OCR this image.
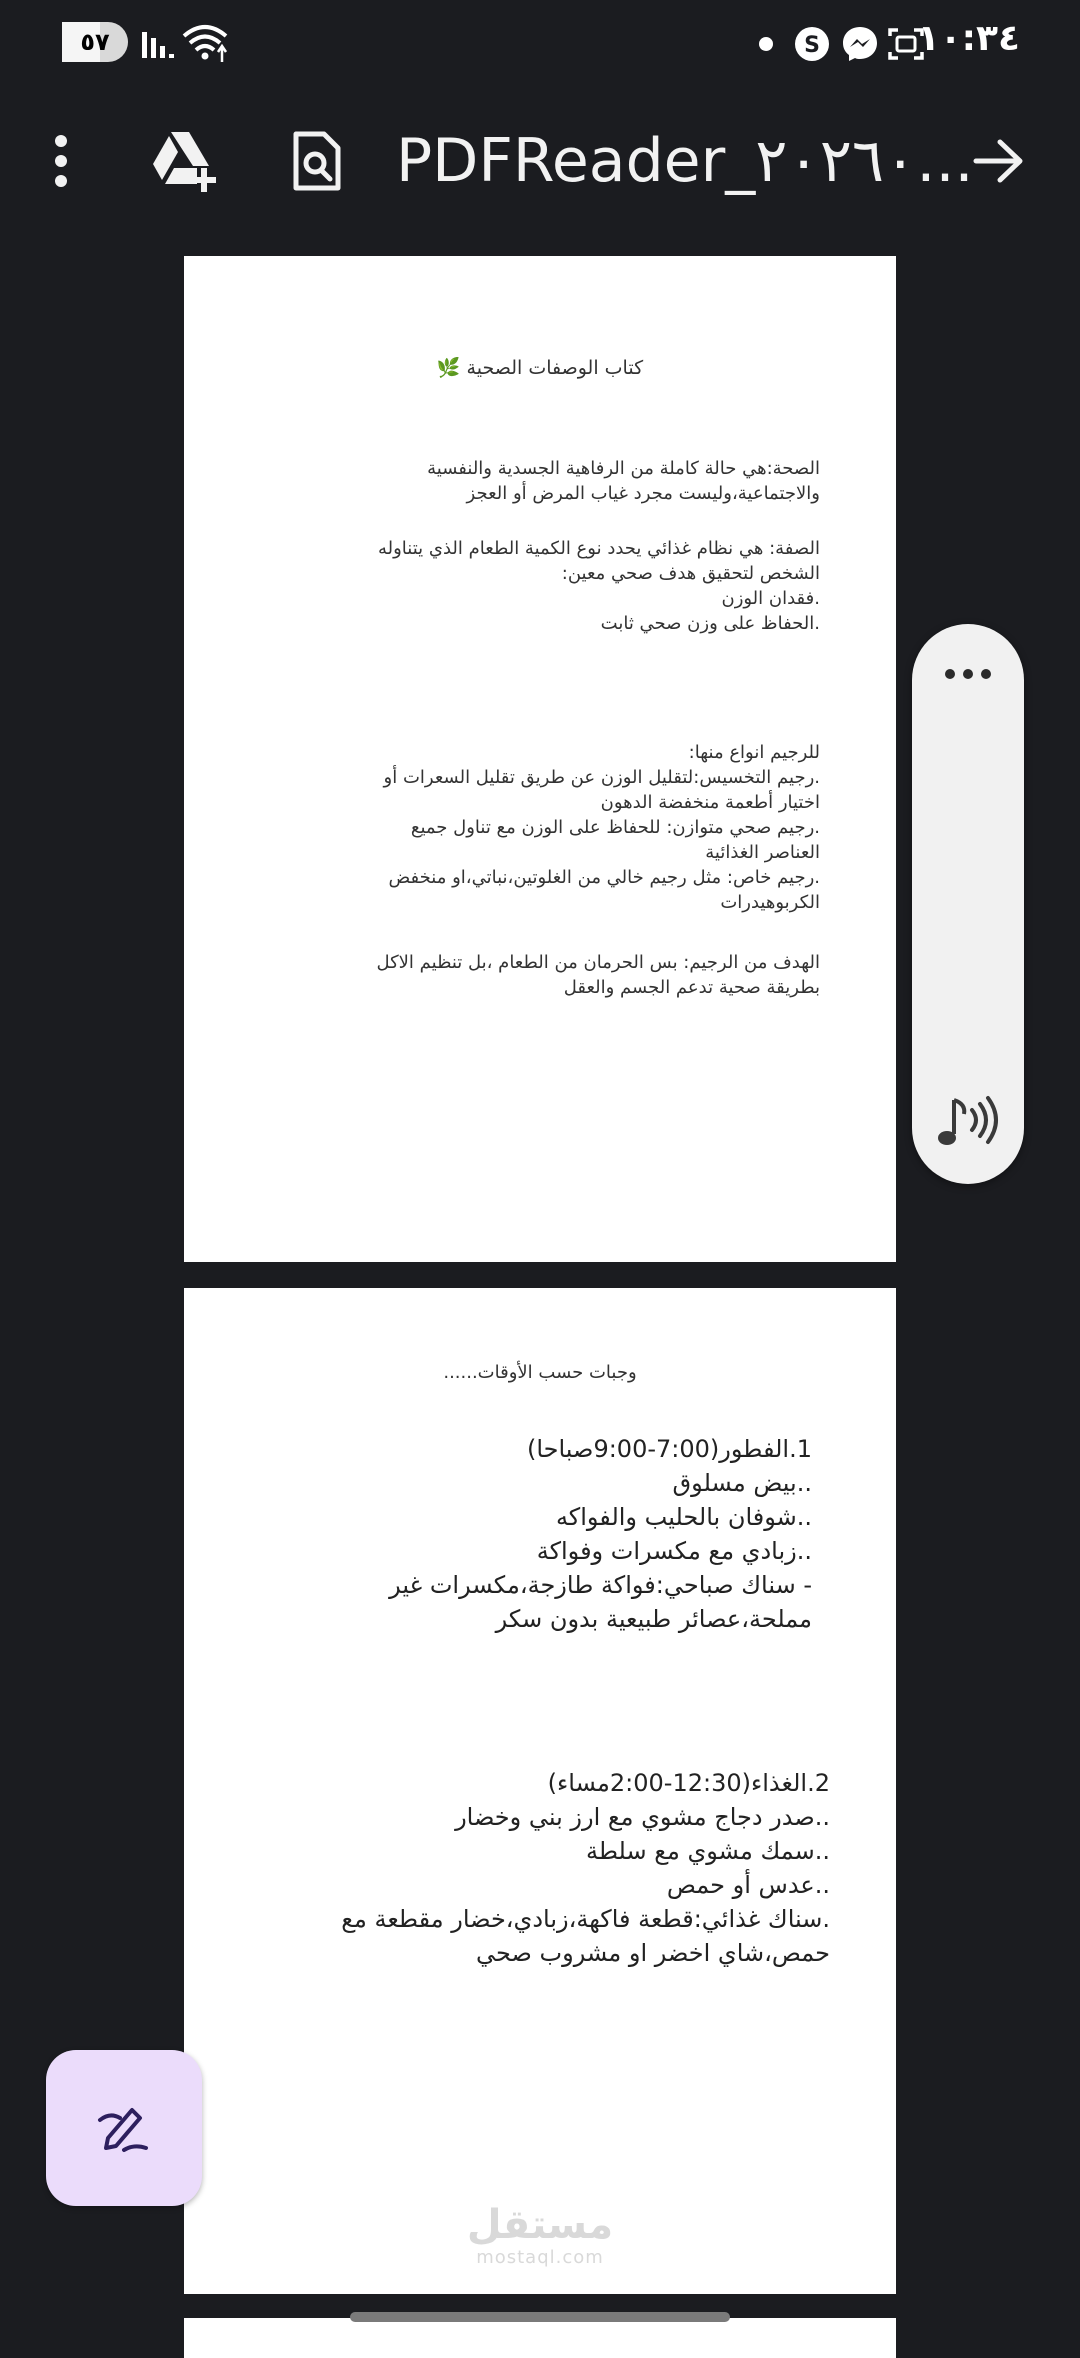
٥٧	S	١٠:٣٤
PDFReader_٢٠٢٦٠...
كتاب الوصفات الصحية 🌿
الصحة:هي حالة كاملة من الرفاهية الجسدية والنفسية
والاجتماعية،وليست مجرد غياب المرض أو العجز
الصفة: هي نظام غذائي يحدد نوع الكمية الطعام الذي يتناوله
الشخص لتحقيق هدف صحي معين:
.فقدان الوزن
.الحفاظ على وزن صحي ثابت
للرجيم انواع منها:
.رجيم التخسيس:لتقليل الوزن عن طريق تقليل السعرات أو
اختيار أطعمة منخفضة الدهون
.رجيم صحي متوازن: للحفاظ على الوزن مع تناول جميع
العناصر الغذائية
.رجيم خاص: مثل رجيم خالي من الغلوتين،نباتي،او منخفض
الكربوهيدرات
الهدف من الرجيم: بس الحرمان من الطعام ،بل تنظيم الاكل
بطريقة صحية تدعم الجسم والعقل
وجبات حسب الأوقات......
1.الفطور(7:00-9:00صباحا)
..بيض مسلوق
..شوفان بالحليب والفواكه
..زبادي مع مكسرات وفواكة
- سناك صباحي:فواكة طازجة،مكسرات غير
مملحة،عصائر طبيعية بدون سكر
2.الغذاء(12:30-2:00مساء)
..صدر دجاج مشوي مع ارز بني وخضار
..سمك مشوي مع سلطة
..عدس أو حمص
.سناك غذائي:قطعة فاكهة،زبادي،خضار مقطعة مع
حمص،شاي اخضر او مشروب صحي
مستقل
mostaql.com
